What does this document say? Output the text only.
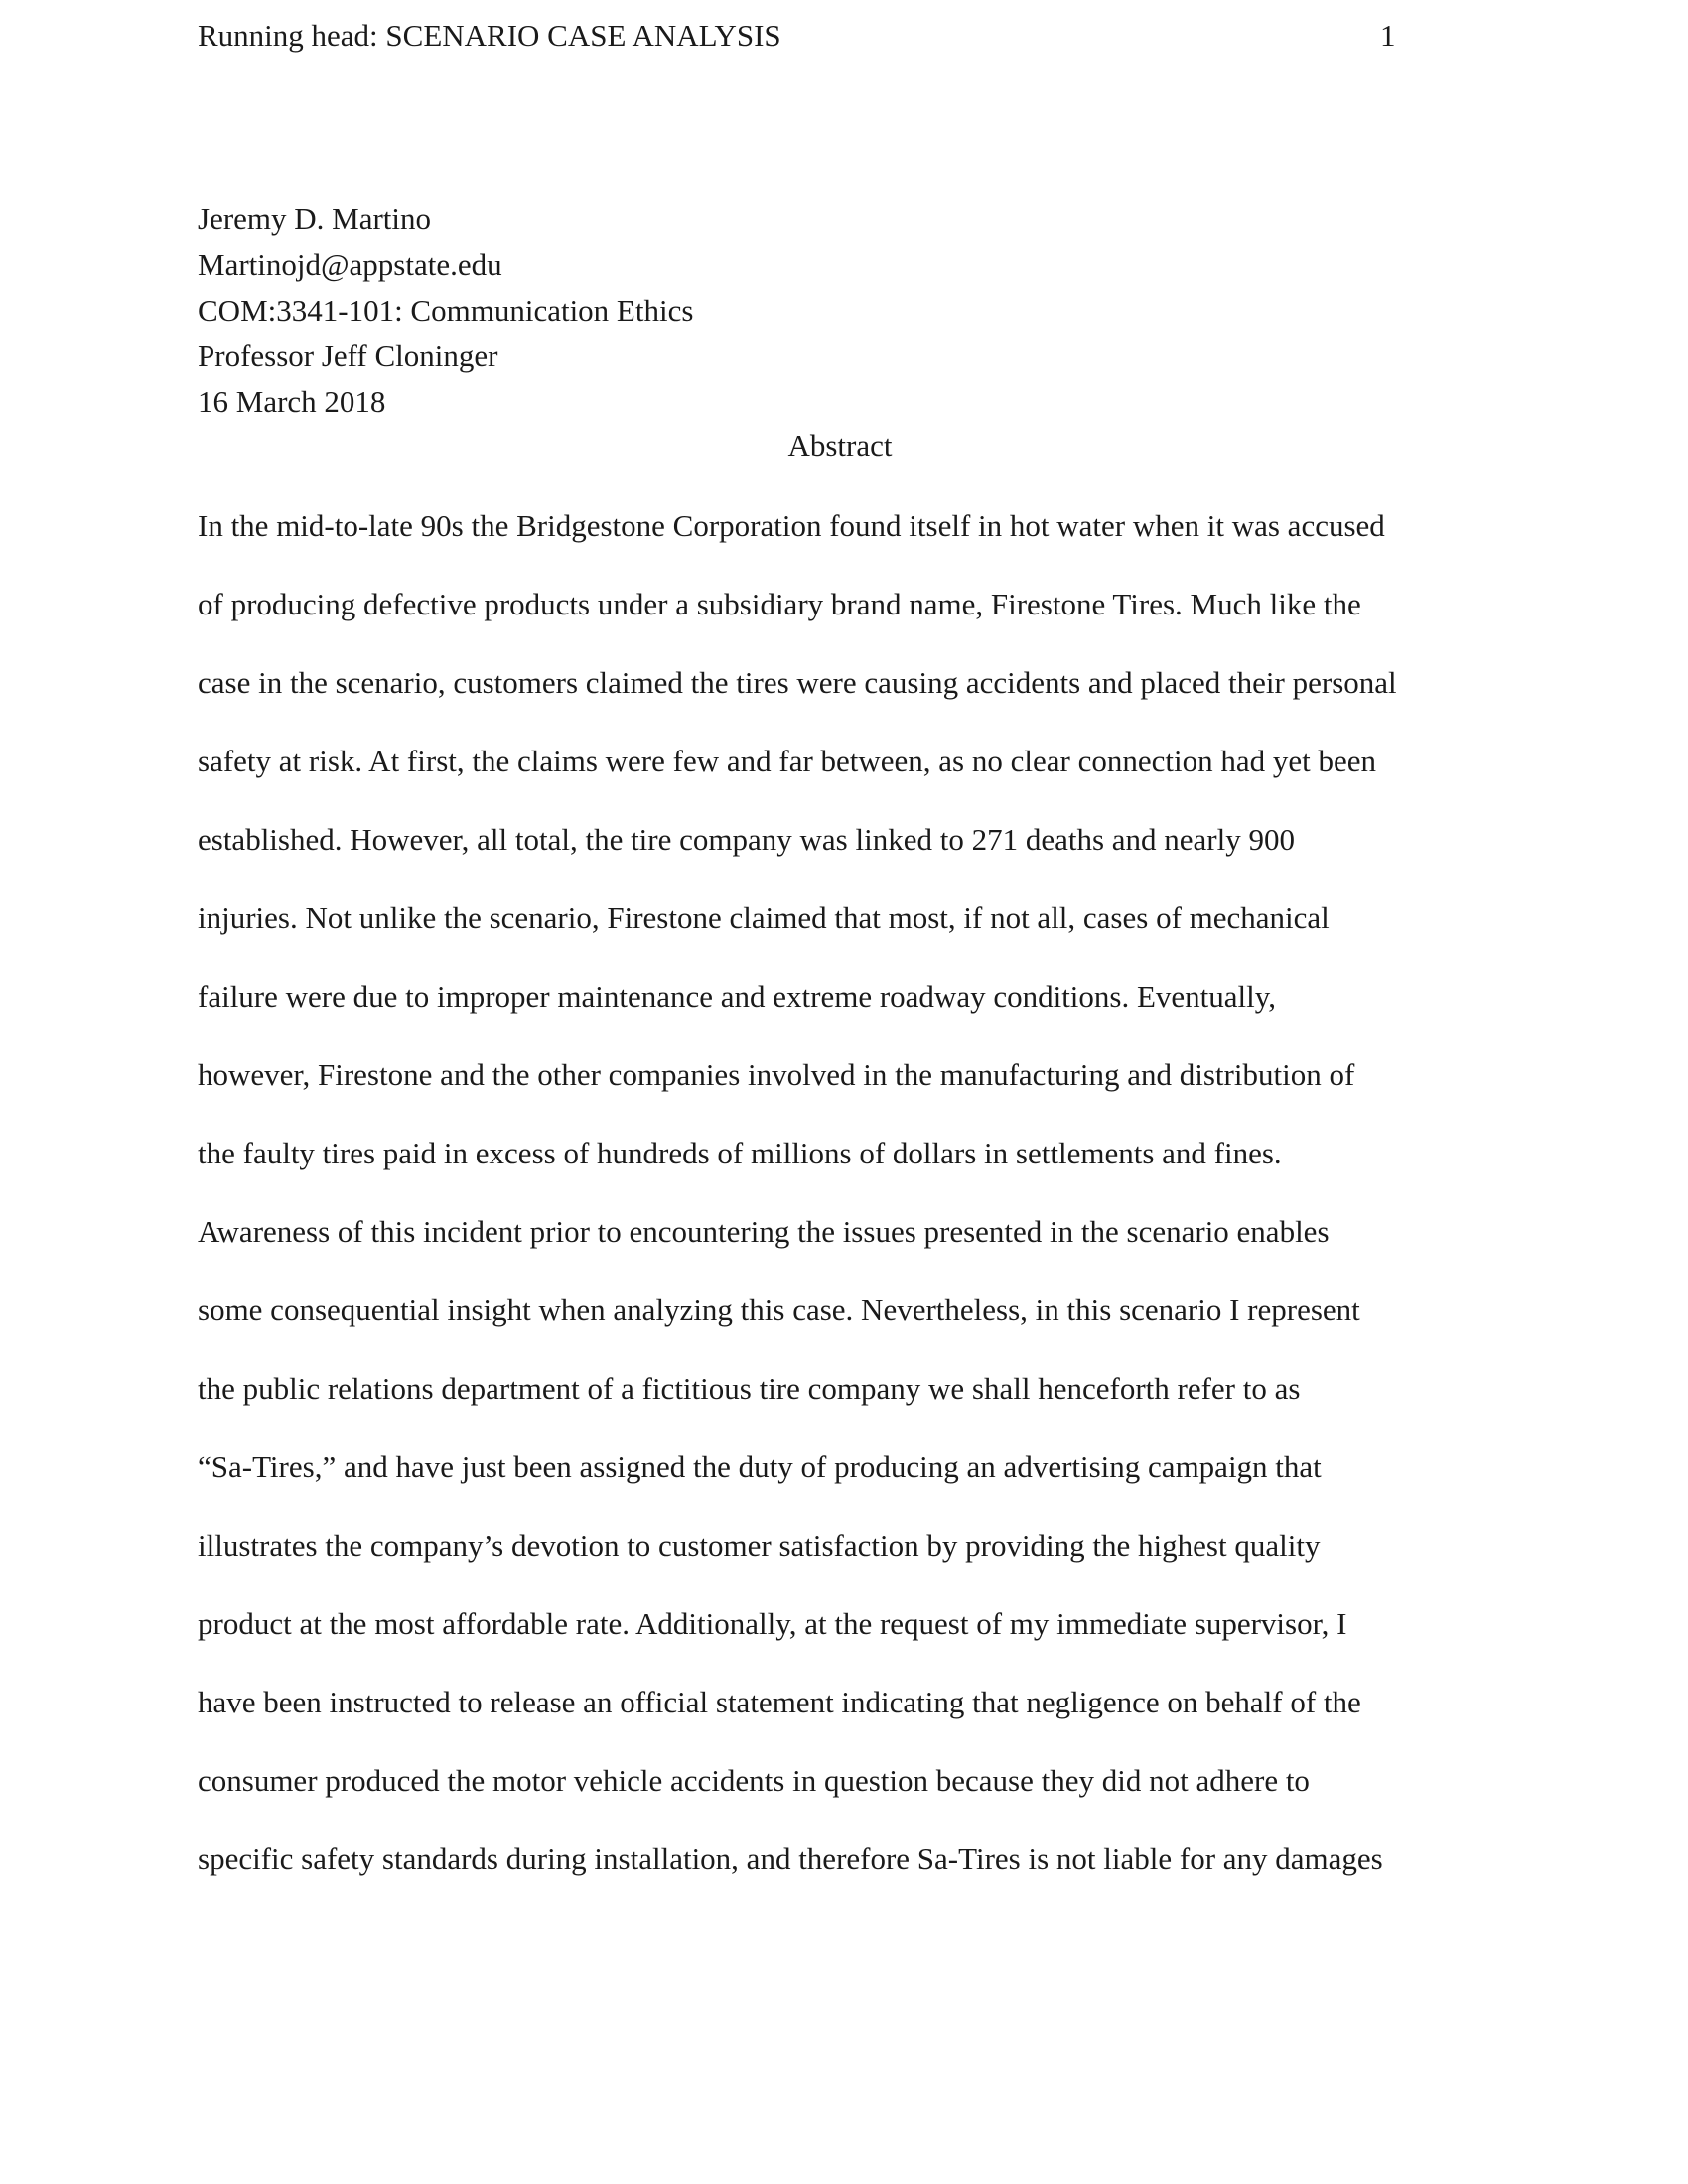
Running head: SCENARIO CASE ANALYSIS	1
Jeremy D. Martino
Martinojd@appstate.edu
COM:3341-101: Communication Ethics
Professor Jeff Cloninger
16 March 2018
Abstract
In the mid-to-late 90s the Bridgestone Corporation found itself in hot water when it was accused
of producing defective products under a subsidiary brand name, Firestone Tires. Much like the
case in the scenario, customers claimed the tires were causing accidents and placed their personal
safety at risk. At first, the claims were few and far between, as no clear connection had yet been
established. However, all total, the tire company was linked to 271 deaths and nearly 900
injuries. Not unlike the scenario, Firestone claimed that most, if not all, cases of mechanical
failure were due to improper maintenance and extreme roadway conditions. Eventually,
however, Firestone and the other companies involved in the manufacturing and distribution of
the faulty tires paid in excess of hundreds of millions of dollars in settlements and fines.
Awareness of this incident prior to encountering the issues presented in the scenario enables
some consequential insight when analyzing this case. Nevertheless, in this scenario I represent
the public relations department of a fictitious tire company we shall henceforth refer to as
“Sa-Tires,” and have just been assigned the duty of producing an advertising campaign that
illustrates the company’s devotion to customer satisfaction by providing the highest quality
product at the most affordable rate. Additionally, at the request of my immediate supervisor, I
have been instructed to release an official statement indicating that negligence on behalf of the
consumer produced the motor vehicle accidents in question because they did not adhere to
specific safety standards during installation, and therefore Sa-Tires is not liable for any damages
